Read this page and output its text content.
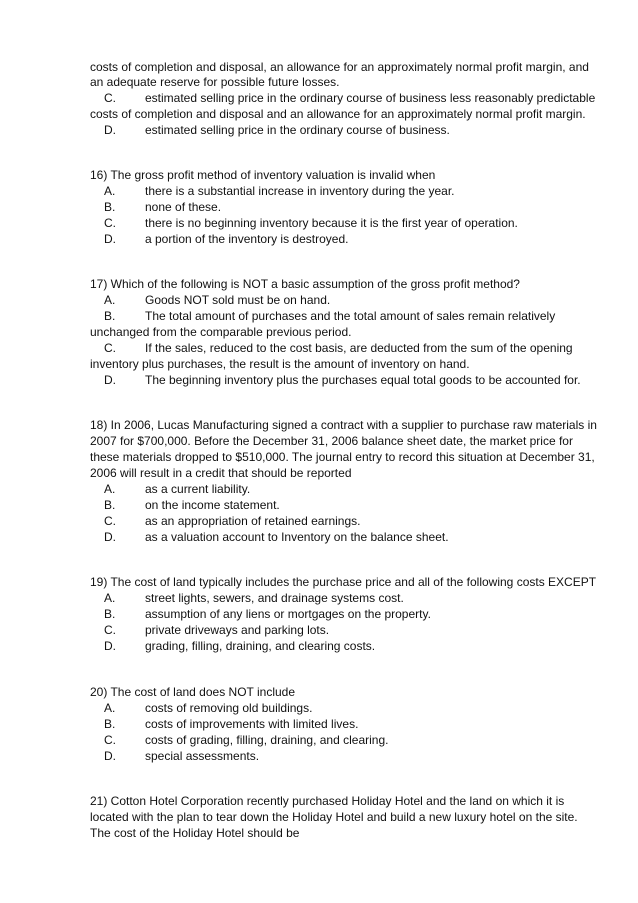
costs of completion and disposal, an allowance for an approximately normal profit margin, and
an adequate reserve for possible future losses.
C. estimated selling price in the ordinary course of business less reasonably predictable
costs of completion and disposal and an allowance for an approximately normal profit margin.
D. estimated selling price in the ordinary course of business.
16) The gross profit method of inventory valuation is invalid when
A. there is a substantial increase in inventory during the year.
B. none of these.
C. there is no beginning inventory because it is the first year of operation.
D. a portion of the inventory is destroyed.
17) Which of the following is NOT a basic assumption of the gross profit method?
A. Goods NOT sold must be on hand.
B. The total amount of purchases and the total amount of sales remain relatively
unchanged from the comparable previous period.
C. If the sales, reduced to the cost basis, are deducted from the sum of the opening
inventory plus purchases, the result is the amount of inventory on hand.
D. The beginning inventory plus the purchases equal total goods to be accounted for.
18) In 2006, Lucas Manufacturing signed a contract with a supplier to purchase raw materials in
2007 for $700,000. Before the December 31, 2006 balance sheet date, the market price for
these materials dropped to $510,000. The journal entry to record this situation at December 31,
2006 will result in a credit that should be reported
A. as a current liability.
B. on the income statement.
C. as an appropriation of retained earnings.
D. as a valuation account to Inventory on the balance sheet.
19) The cost of land typically includes the purchase price and all of the following costs EXCEPT
A. street lights, sewers, and drainage systems cost.
B. assumption of any liens or mortgages on the property.
C. private driveways and parking lots.
D. grading, filling, draining, and clearing costs.
20) The cost of land does NOT include
A. costs of removing old buildings.
B. costs of improvements with limited lives.
C. costs of grading, filling, draining, and clearing.
D. special assessments.
21) Cotton Hotel Corporation recently purchased Holiday Hotel and the land on which it is
located with the plan to tear down the Holiday Hotel and build a new luxury hotel on the site.
The cost of the Holiday Hotel should be
